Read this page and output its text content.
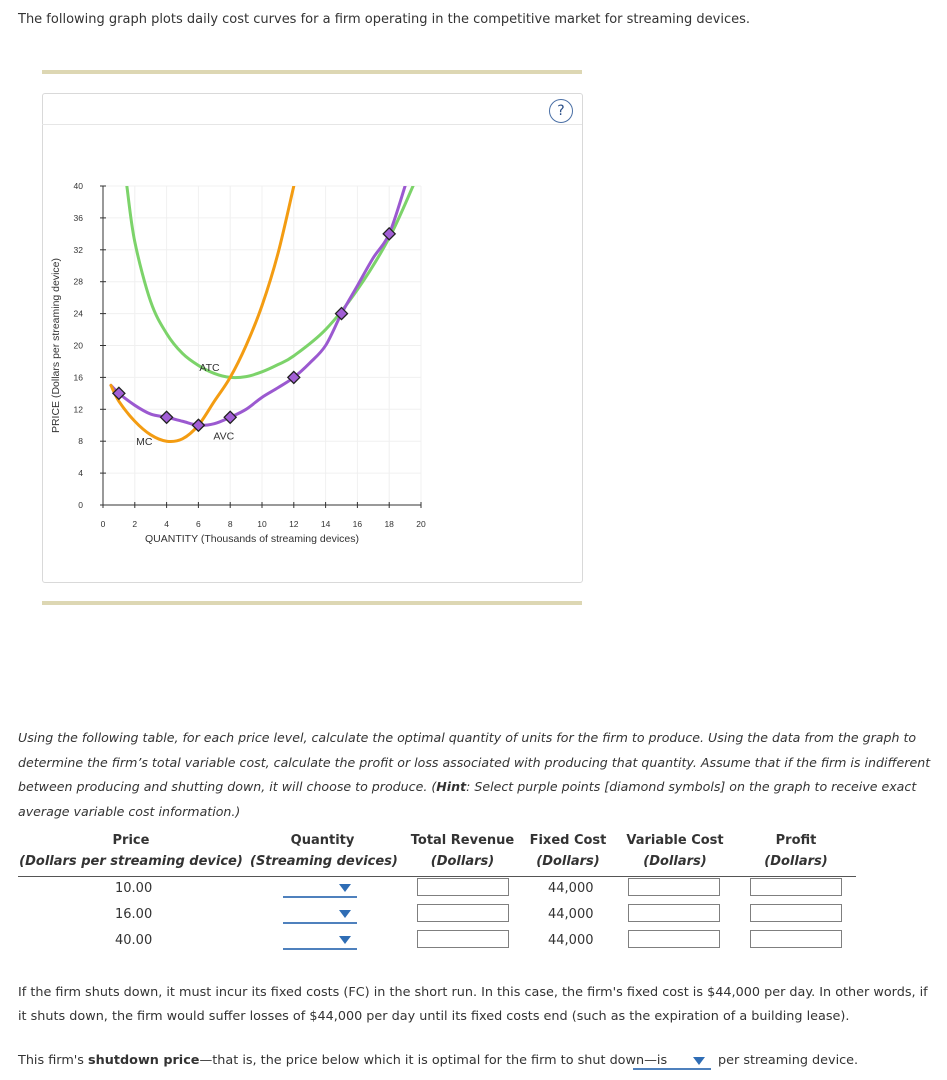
The following graph plots daily cost curves for a firm operating in the competitive market for streaming devices.
?
40
36
32
28
24
20
16
12
8
4
0
0	2	4	6	8	10	12	14	16	18	20
PRICE (Dollars per streaming device)
QUANTITY (Thousands of streaming devices)
ATC
AVC
MC
Using the following table, for each price level, calculate the optimal quantity of units for the firm to produce. Using the data from the graph to determine the firm’s total variable cost, calculate the profit or loss associated with producing that quantity. Assume that if the firm is indifferent between producing and shutting down, it will choose to produce. (Hint: Select purple points [diamond symbols] on the graph to receive exact average variable cost information.)
Price
(Dollars per streaming device)
Quantity
(Streaming devices)
Total Revenue
(Dollars)
Fixed Cost
(Dollars)
Variable Cost
(Dollars)
Profit
(Dollars)
10.00	44,000
16.00	44,000
40.00	44,000
If the firm shuts down, it must incur its fixed costs (FC) in the short run. In this case, the firm's fixed cost is $44,000 per day. In other words, if it shuts down, the firm would suffer losses of $44,000 per day until its fixed costs end (such as the expiration of a building lease).
This firm's shutdown price—that is, the price below which it is optimal for the firm to shut down—is	per streaming device.
